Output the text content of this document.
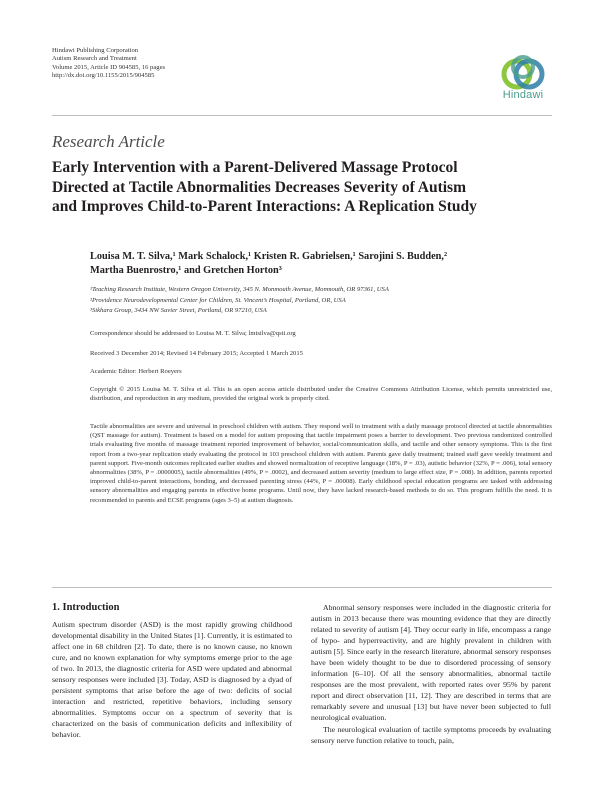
Hindawi Publishing Corporation
Autism Research and Treatment
Volume 2015, Article ID 904585, 16 pages
http://dx.doi.org/10.1155/2015/904585
Hindawi
Research Article
Early Intervention with a Parent-Delivered Massage Protocol
Directed at Tactile Abnormalities Decreases Severity of Autism
and Improves Child-to-Parent Interactions: A Replication Study
Louisa M. T. Silva,¹ Mark Schalock,¹ Kristen R. Gabrielsen,¹ Sarojini S. Budden,²
Martha Buenrostro,¹ and Gretchen Horton³
¹Teaching Research Institute, Western Oregon University, 345 N. Monmouth Avenue, Monmouth, OR 97361, USA
²Providence Neurodevelopmental Center for Children, St. Vincent’s Hospital, Portland, OR, USA
³Sikhara Group, 3434 NW Savier Street, Portland, OR 97210, USA
Correspondence should be addressed to Louisa M. T. Silva; lmtsilva@qsti.org
Received 3 December 2014; Revised 14 February 2015; Accepted 1 March 2015
Academic Editor: Herbert Roeyers
Copyright © 2015 Louisa M. T. Silva et al. This is an open access article distributed under the Creative Commons Attribution License, which permits unrestricted use, distribution, and reproduction in any medium, provided the original work is properly cited.
Tactile abnormalities are severe and universal in preschool children with autism. They respond well to treatment with a daily massage protocol directed at tactile abnormalities (QST massage for autism). Treatment is based on a model for autism proposing that tactile impairment poses a barrier to development. Two previous randomized controlled trials evaluating five months of massage treatment reported improvement of behavior, social/communication skills, and tactile and other sensory symptoms. This is the first report from a two-year replication study evaluating the protocol in 103 preschool children with autism. Parents gave daily treatment; trained staff gave weekly treatment and parent support. Five-month outcomes replicated earlier studies and showed normalization of receptive language (18%, P = .03), autistic behavior (32%, P = .006), total sensory abnormalities (38%, P = .0000005), tactile abnormalities (49%, P = .0002), and decreased autism severity (medium to large effect size, P = .008). In addition, parents reported improved child-to-parent interactions, bonding, and decreased parenting stress (44%, P = .00008). Early childhood special education programs are tasked with addressing sensory abnormalities and engaging parents in effective home programs. Until now, they have lacked research-based methods to do so. This program fulfills the need. It is recommended to parents and ECSE programs (ages 3–5) at autism diagnosis.
1. Introduction

Autism spectrum disorder (ASD) is the most rapidly growing childhood developmental disability in the United States [1]. Currently, it is estimated to affect one in 68 children [2]. To date, there is no known cause, no known cure, and no known explanation for why symptoms emerge prior to the age of two. In 2013, the diagnostic criteria for ASD were updated and abnormal sensory responses were included [3]. Today, ASD is diagnosed by a dyad of persistent symptoms that arise before the age of two: deficits of social interaction and restricted, repetitive behaviors, including sensory abnormalities. Symptoms occur on a spectrum of severity that is characterized on the basis of communication deficits and inflexibility of behavior.

Abnormal sensory responses were included in the diagnostic criteria for autism in 2013 because there was mounting evidence that they are directly related to severity of autism [4]. They occur early in life, encompass a range of hypo- and hyperreactivity, and are highly prevalent in children with autism [5]. Since early in the research literature, abnormal sensory responses have been widely thought to be due to disordered processing of sensory information [6–10]. Of all the sensory abnormalities, abnormal tactile responses are the most prevalent, with reported rates over 95% by parent report and direct observation [11, 12]. They are described in terms that are remarkably severe and unusual [13] but have never been subjected to full neurological evaluation.

The neurological evaluation of tactile symptoms proceeds by evaluating sensory nerve function relative to touch, pain,
